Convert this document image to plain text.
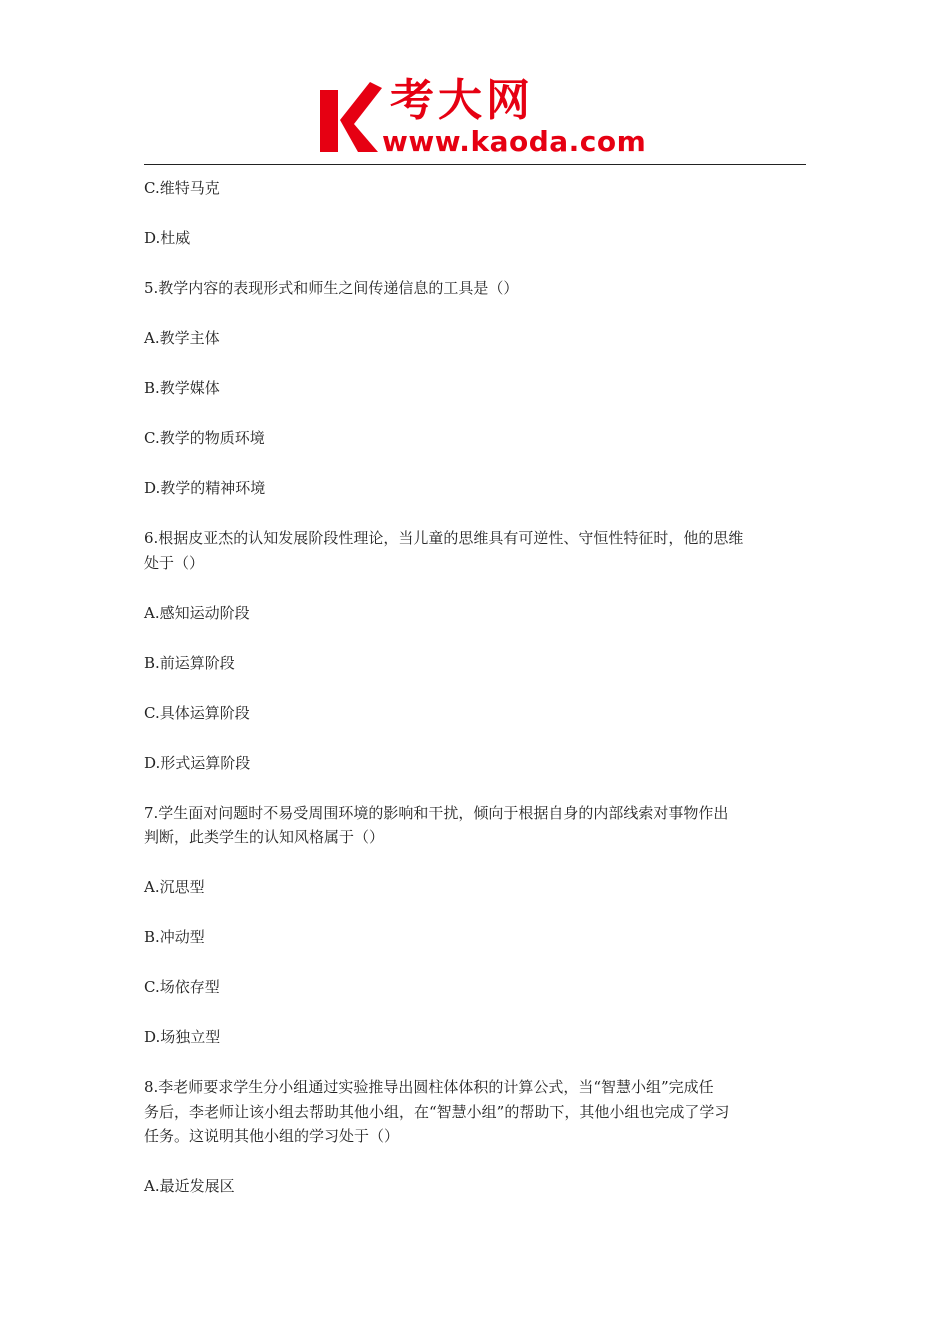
考大网
www.kaoda.com
C.维特马克
D.杜威
5.教学内容的表现形式和师生之间传递信息的工具是（）
A.教学主体
B.教学媒体
C.教学的物质环境
D.教学的精神环境
6.根据皮亚杰的认知发展阶段性理论，当儿童的思维具有可逆性、守恒性特征时，他的思维
处于（）
A.感知运动阶段
B.前运算阶段
C.具体运算阶段
D.形式运算阶段
7.学生面对问题时不易受周围环境的影响和干扰，倾向于根据自身的内部线索对事物作出
判断，此类学生的认知风格属于（）
A.沉思型
B.冲动型
C.场依存型
D.场独立型
8.李老师要求学生分小组通过实验推导出圆柱体体积的计算公式，当“智慧小组”完成任
务后，李老师让该小组去帮助其他小组，在“智慧小组”的帮助下，其他小组也完成了学习
任务。这说明其他小组的学习处于（）
A.最近发展区
